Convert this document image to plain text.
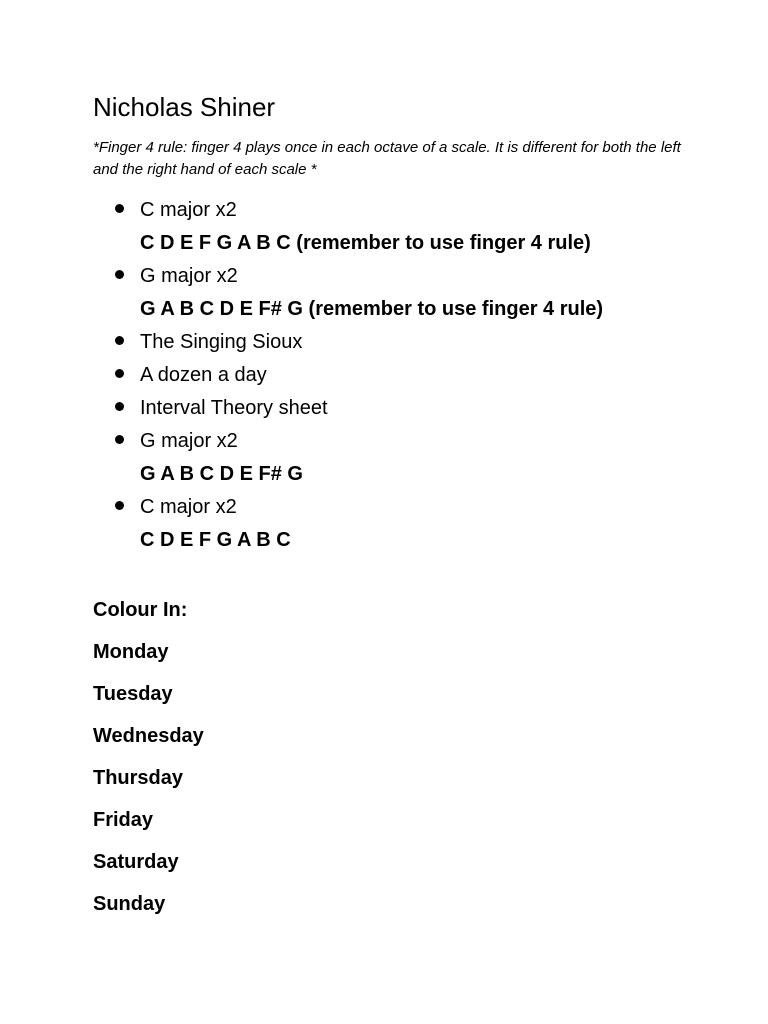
Nicholas Shiner
*Finger 4 rule: finger 4 plays once in each octave of a scale. It is different for both the left and the right hand of each scale *
C major x2
C D E F G A B C (remember to use finger 4 rule)
G major x2
G A B C D E F# G (remember to use finger 4 rule)
The Singing Sioux
A dozen a day
Interval Theory sheet
G major x2
G A B C D E F# G
C major x2
C D E F G A B C
Colour In:
Monday
Tuesday
Wednesday
Thursday
Friday
Saturday
Sunday
